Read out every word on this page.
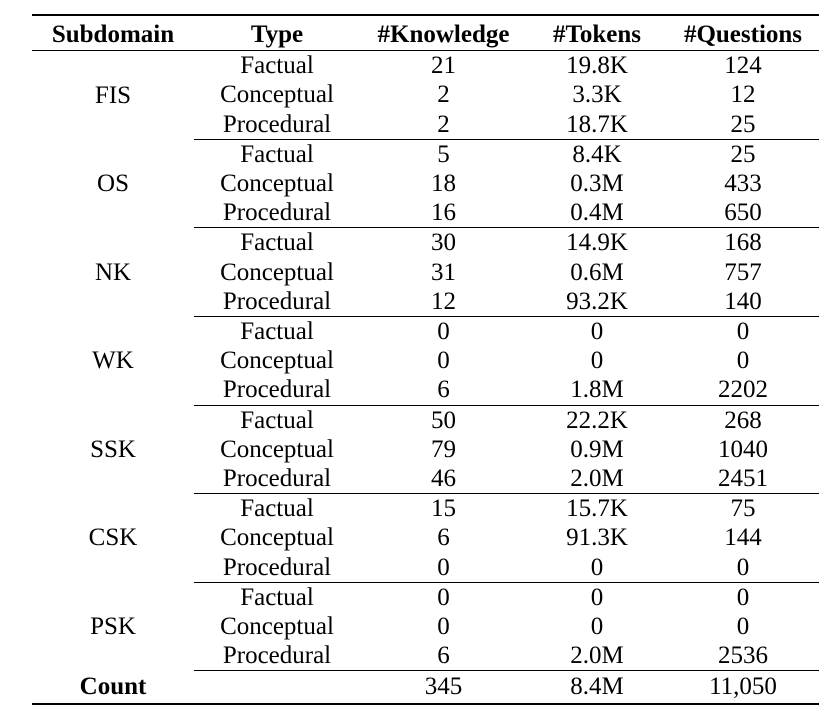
Subdomain	Type	#Knowledge	#Tokens	#Questions
FIS	Factual	21	19.8K	124
	Conceptual	2	3.3K	12
	Procedural	2	18.7K	25
OS	Factual	5	8.4K	25
	Conceptual	18	0.3M	433
	Procedural	16	0.4M	650
NK	Factual	30	14.9K	168
	Conceptual	31	0.6M	757
	Procedural	12	93.2K	140
WK	Factual	0	0	0
	Conceptual	0	0	0
	Procedural	6	1.8M	2202
SSK	Factual	50	22.2K	268
	Conceptual	79	0.9M	1040
	Procedural	46	2.0M	2451
CSK	Factual	15	15.7K	75
	Conceptual	6	91.3K	144
	Procedural	0	0	0
PSK	Factual	0	0	0
	Conceptual	0	0	0
	Procedural	6	2.0M	2536
Count		345	8.4M	11,050
